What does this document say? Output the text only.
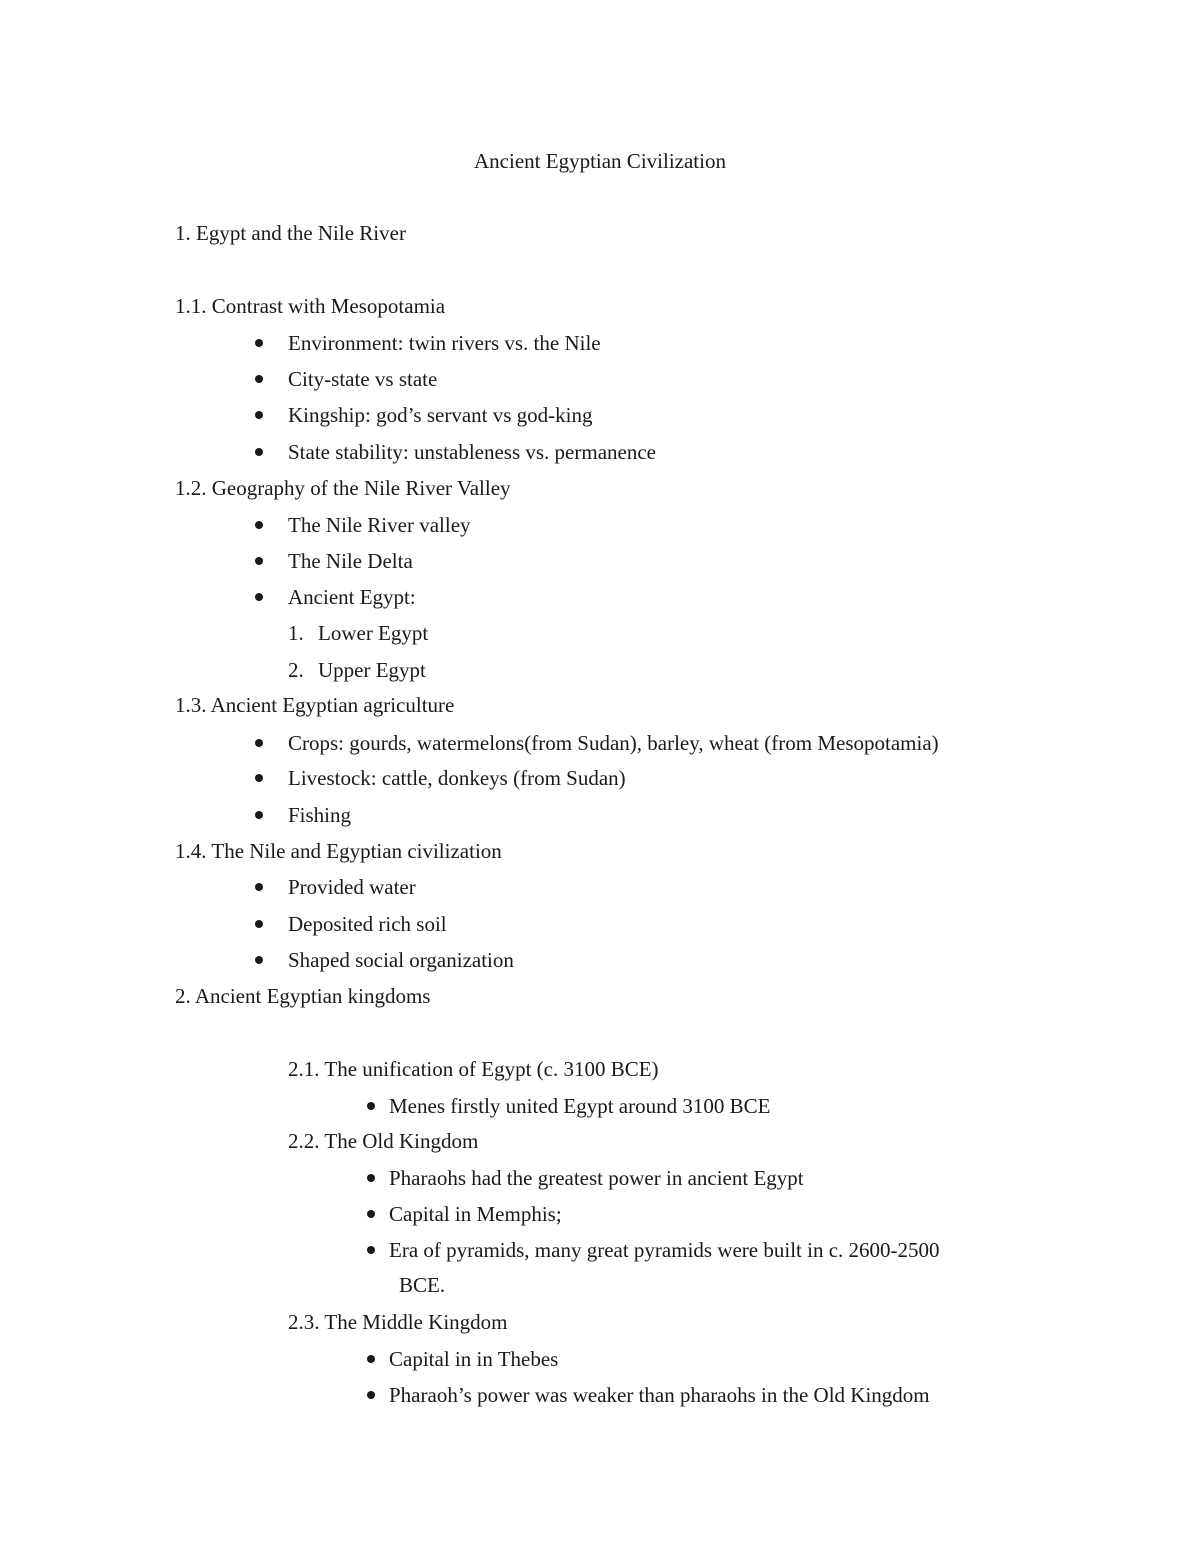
Ancient Egyptian Civilization
1. Egypt and the Nile River
1.1. Contrast with Mesopotamia
Environment: twin rivers vs. the Nile
City-state vs state
Kingship: god’s servant vs god-king
State stability: unstableness vs. permanence
1.2. Geography of the Nile River Valley
The Nile River valley
The Nile Delta
Ancient Egypt:
1. Lower Egypt
2. Upper Egypt
1.3. Ancient Egyptian agriculture
Crops: gourds, watermelons(from Sudan), barley, wheat (from Mesopotamia)
Livestock: cattle, donkeys (from Sudan)
Fishing
1.4. The Nile and Egyptian civilization
Provided water
Deposited rich soil
Shaped social organization
2. Ancient Egyptian kingdoms
2.1. The unification of Egypt (c. 3100 BCE)
Menes firstly united Egypt around 3100 BCE
2.2. The Old Kingdom
Pharaohs had the greatest power in ancient Egypt
Capital in Memphis;
Era of pyramids, many great pyramids were built in c. 2600-2500
BCE.
2.3. The Middle Kingdom
Capital in in Thebes
Pharaoh’s power was weaker than pharaohs in the Old Kingdom
